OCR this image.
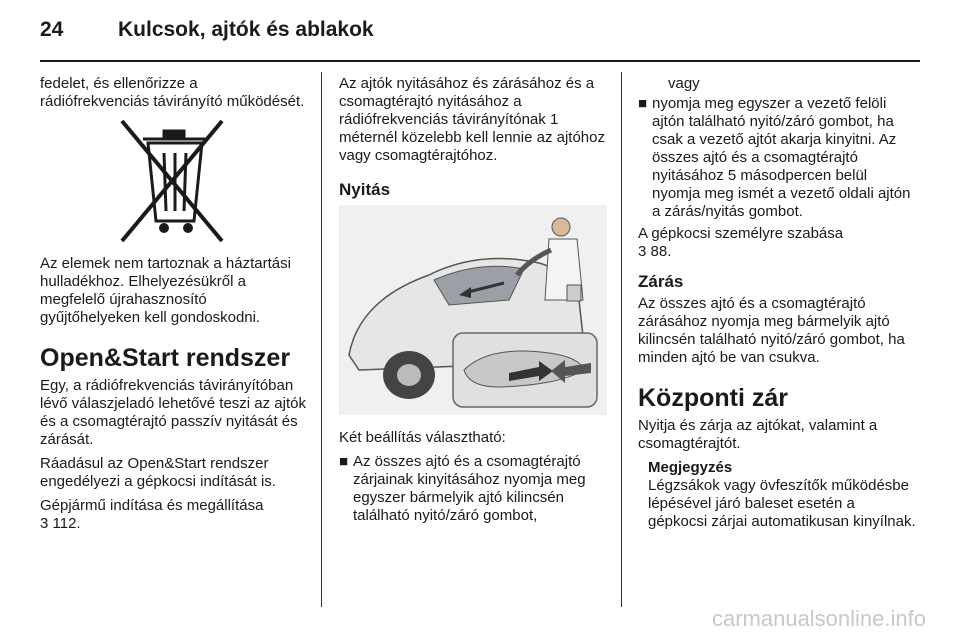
24	Kulcsok, ajtók és ablakok

fedelet, és ellenőrizze a rádiófrekvenciás távirányító működését.

Az elemek nem tartoznak a háztartási hulladékhoz. Elhelyezésükről a megfelelő újrahasznosító gyűjtőhelyeken kell gondoskodni.

Open&Start rendszer

Egy, a rádiófrekvenciás távirányítóban lévő válaszjeladó lehetővé teszi az ajtók és a csomagtérajtó passzív nyitását és zárását.

Ráadásul az Open&Start rendszer engedélyezi a gépkocsi indítását is.

Gépjármű indítása és megállítása

3 112.

Az ajtók nyitásához és zárásához és a csomagtérajtó nyitásához a rádiófrekvenciás távirányítónak 1 méternél közelebb kell lennie az ajtóhoz vagy csomagtérajtóhoz.

Nyitás

Két beállítás választható:

■ Az összes ajtó és a csomagtérajtó zárjainak kinyitásához nyomja meg egyszer bármelyik ajtó kilincsén található nyitó/záró gombot,

vagy

■ nyomja meg egyszer a vezető felöli ajtón található nyitó/záró gombot, ha csak a vezető ajtót akarja kinyitni. Az összes ajtó és a csomagtérajtó nyitásához 5 másodpercen belül nyomja meg ismét a vezető oldali ajtón a zárás/nyitás gombot.

A gépkocsi személyre szabása

3 88.

Zárás

Az összes ajtó és a csomagtérajtó zárásához nyomja meg bármelyik ajtó kilincsén található nyitó/záró gombot, ha minden ajtó be van csukva.

Központi zár

Nyitja és zárja az ajtókat, valamint a csomagtérajtót.

Megjegyzés
Légzsákok vagy övfeszítők működésbe lépésével járó baleset esetén a gépkocsi zárjai automatikusan kinyílnak.
carmanualsonline.info
